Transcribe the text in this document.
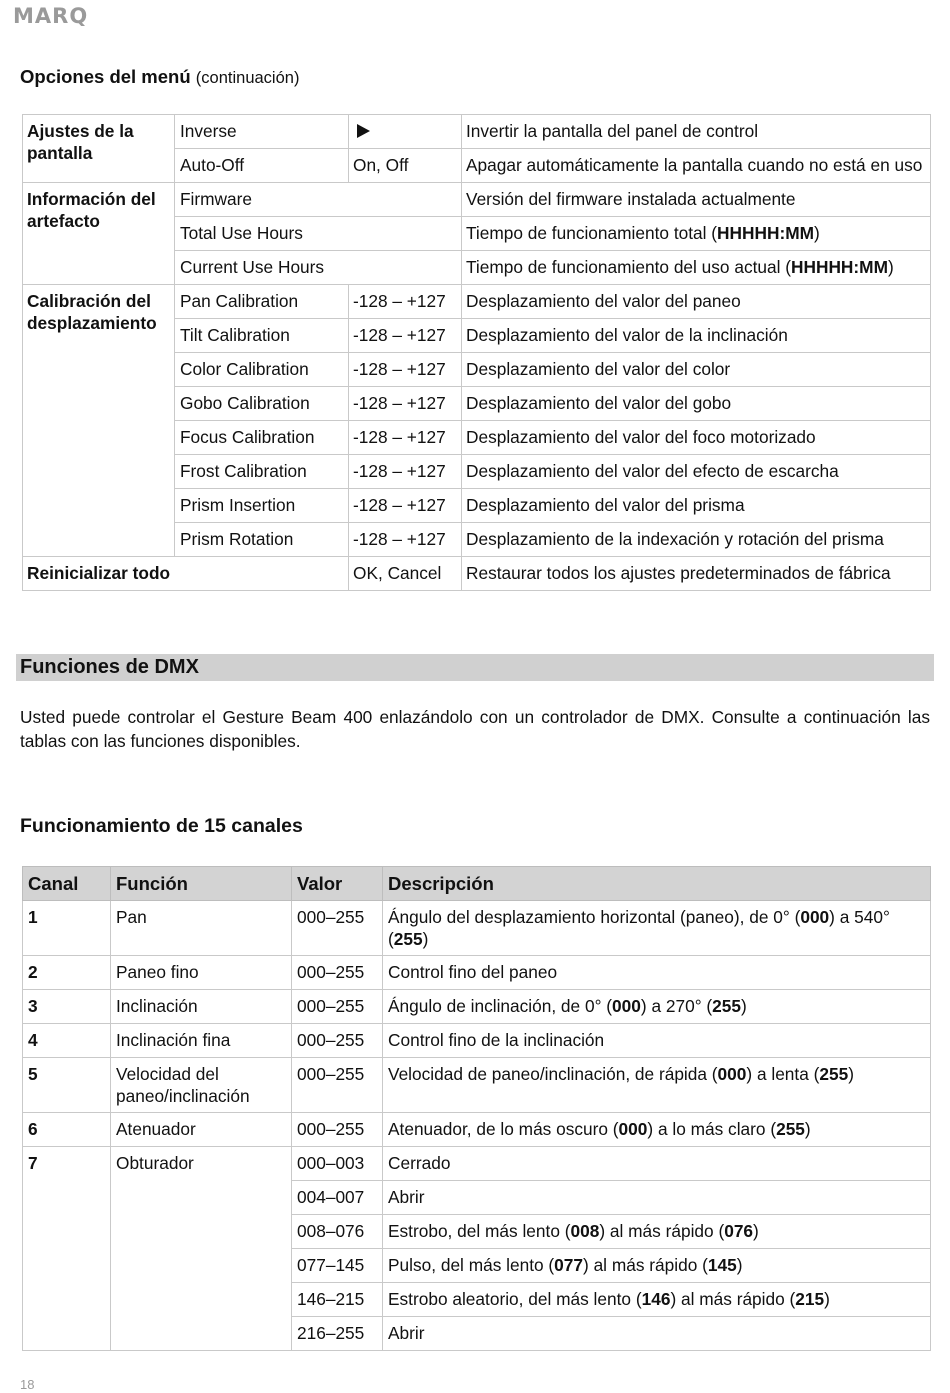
MARQ
Opciones del menú (continuación)
Ajustes de la pantalla	Inverse		Invertir la pantalla del panel de control
	Auto-Off	On, Off	Apagar automáticamente la pantalla cuando no está en uso
Información del artefacto	Firmware		Versión del firmware instalada actualmente
	Total Use Hours		Tiempo de funcionamiento total (HHHHH:MM)
	Current Use Hours		Tiempo de funcionamiento del uso actual (HHHHH:MM)
Calibración del desplazamiento	Pan Calibration	-128 – +127	Desplazamiento del valor del paneo
	Tilt Calibration	-128 – +127	Desplazamiento del valor de la inclinación
	Color Calibration	-128 – +127	Desplazamiento del valor del color
	Gobo Calibration	-128 – +127	Desplazamiento del valor del gobo
	Focus Calibration	-128 – +127	Desplazamiento del valor del foco motorizado
	Frost Calibration	-128 – +127	Desplazamiento del valor del efecto de escarcha
	Prism Insertion	-128 – +127	Desplazamiento del valor del prisma
	Prism Rotation	-128 – +127	Desplazamiento de la indexación y rotación del prisma
Reinicializar todo		OK, Cancel	Restaurar todos los ajustes predeterminados de fábrica
Funciones de DMX
Usted puede controlar el Gesture Beam 400 enlazándolo con un controlador de DMX. Consulte a continuación las tablas con las funciones disponibles.
Funcionamiento de 15 canales
Canal	Función	Valor	Descripción
1	Pan	000–255	Ángulo del desplazamiento horizontal (paneo), de 0° (000) a 540° (255)
2	Paneo fino	000–255	Control fino del paneo
3	Inclinación	000–255	Ángulo de inclinación, de 0° (000) a 270° (255)
4	Inclinación fina	000–255	Control fino de la inclinación
5	Velocidad del paneo/inclinación	000–255	Velocidad de paneo/inclinación, de rápida (000) a lenta (255)
6	Atenuador	000–255	Atenuador, de lo más oscuro (000) a lo más claro (255)
7	Obturador	000–003	Cerrado
		004–007	Abrir
		008–076	Estrobo, del más lento (008) al más rápido (076)
		077–145	Pulso, del más lento (077) al más rápido (145)
		146–215	Estrobo aleatorio, del más lento (146) al más rápido (215)
		216–255	Abrir
18
